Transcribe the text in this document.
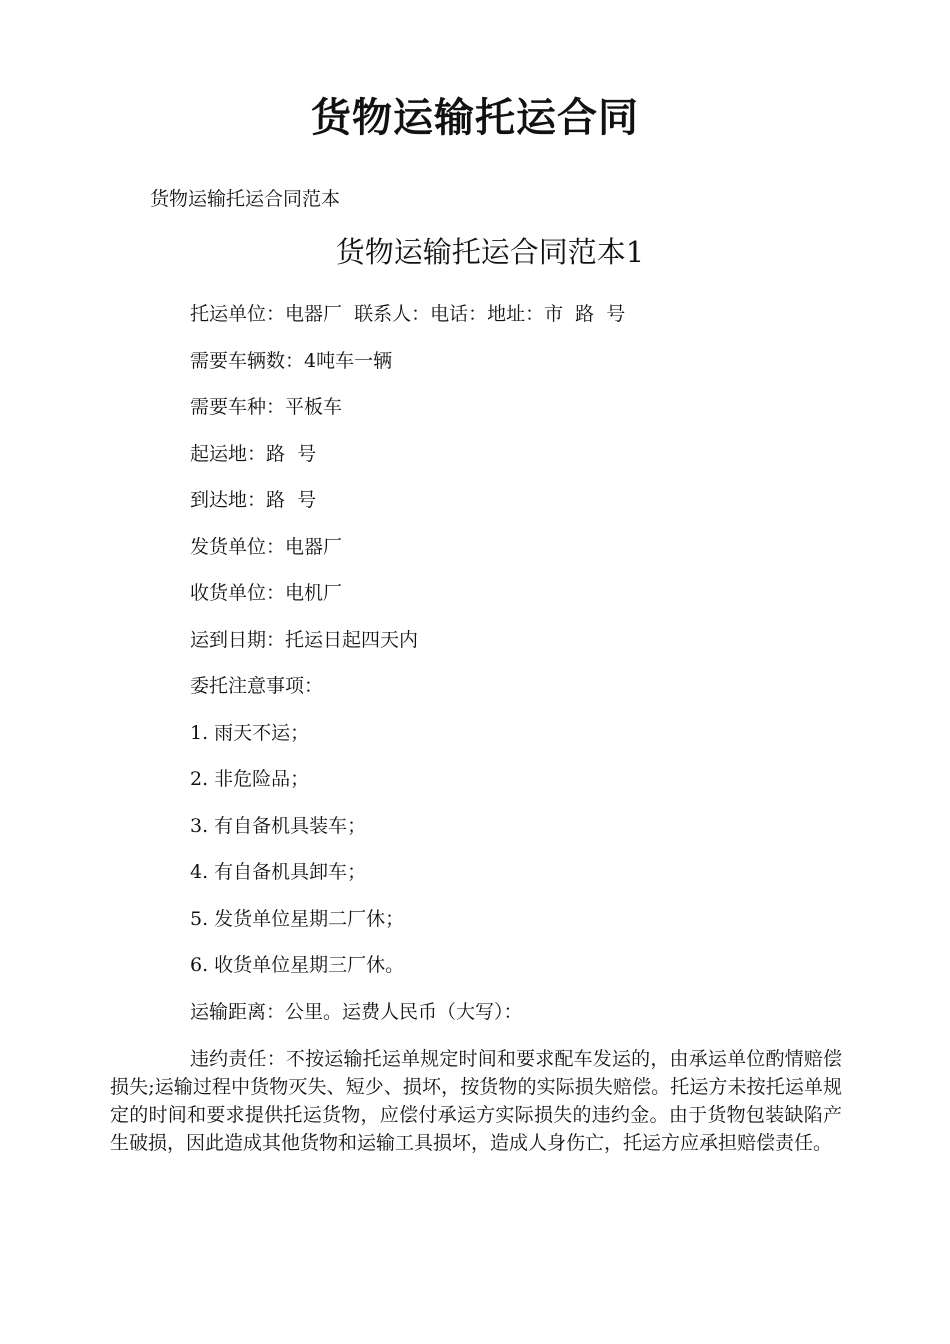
货物运输托运合同

货物运输托运合同范本

货物运输托运合同范本1
托运单位：电器厂  联系人：电话：地址：市  路  号
需要车辆数：4吨车一辆
需要车种：平板车
起运地：路  号
到达地：路  号
发货单位：电器厂
收货单位：电机厂
运到日期：托运日起四天内
委托注意事项：
1. 雨天不运；
2. 非危险品；
3. 有自备机具装车；
4. 有自备机具卸车；
5. 发货单位星期二厂休；
6. 收货单位星期三厂休。
运输距离：公里。运费人民币（大写）：

违约责任：不按运输托运单规定时间和要求配车发运的，由承运单位酌情赔偿损失;运输过程中货物灭失、短少、损坏，按货物的实际损失赔偿。托运方未按托运单规定的时间和要求提供托运货物，应偿付承运方实际损失的违约金。由于货物包装缺陷产生破损，因此造成其他货物和运输工具损坏，造成人身伤亡，托运方应承担赔偿责任。
